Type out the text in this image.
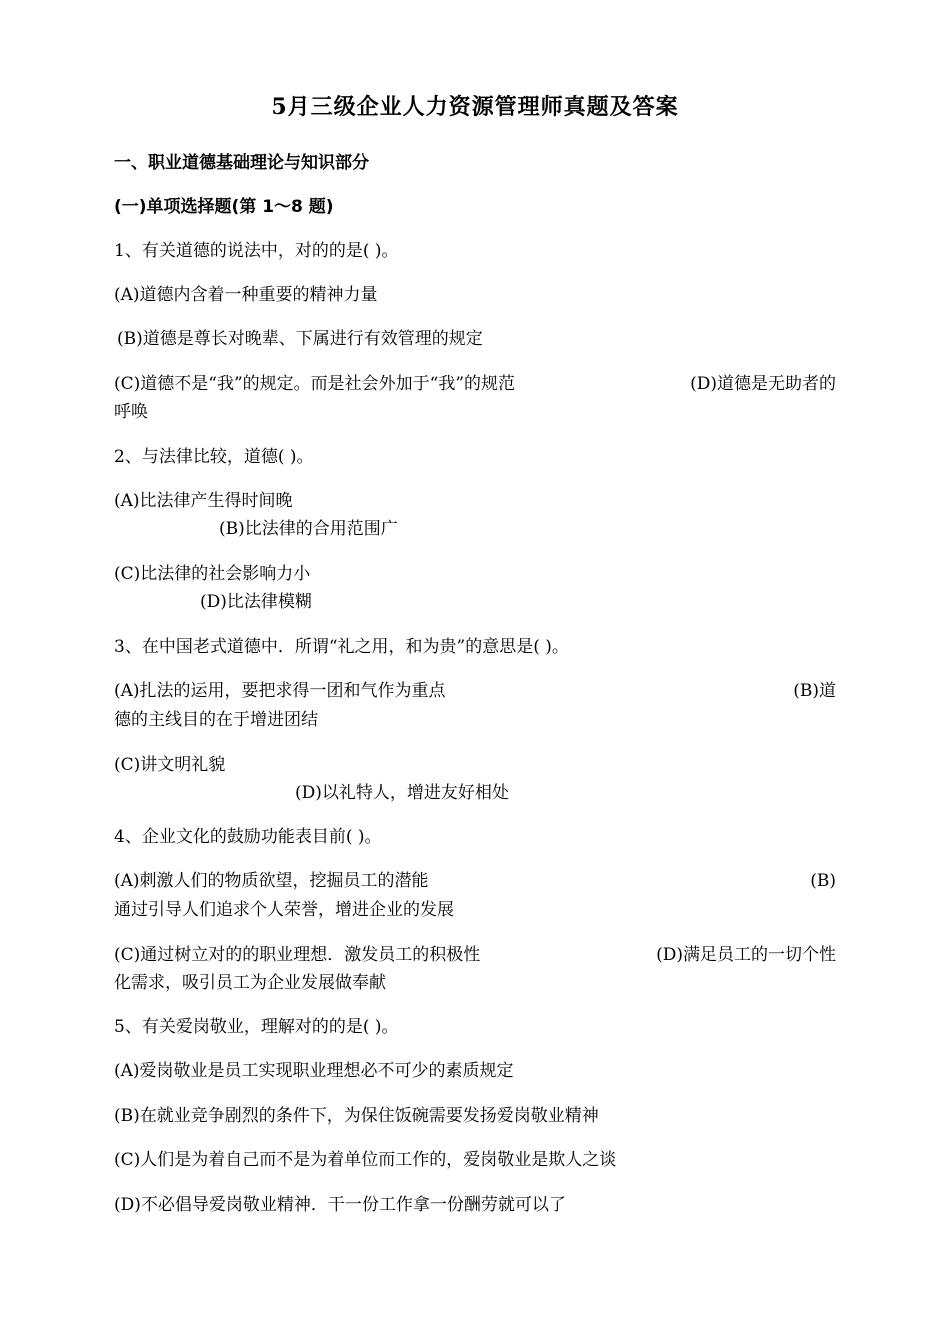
5月三级企业人力资源管理师真题及答案
一、职业道德基础理论与知识部分
(一)单项选择题(第 1～8 题)
1、有关道德的说法中，对的的是( )。
(A)道德内含着一种重要的精神力量
(B)道德是尊长对晚辈、下属进行有效管理的规定
(C)道德不是“我”的规定。而是社会外加于“我”的规范	(D)道德是无助者的
呼唤
2、与法律比较，道德( )。
(A)比法律产生得时间晚
(B)比法律的合用范围广
(C)比法律的社会影响力小
(D)比法律模糊
3、在中国老式道德中．所谓“礼之用，和为贵”的意思是( )。
(A)扎法的运用，要把求得一团和气作为重点	(B)道
德的主线目的在于增进团结
(C)讲文明礼貌
(D)以礼特人，增进友好相处
4、企业文化的鼓励功能表目前( )。
(A)刺激人们的物质欲望，挖掘员工的潜能	(B)
通过引导人们追求个人荣誉，增进企业的发展
(C)通过树立对的的职业理想．激发员工的积极性	(D)满足员工的一切个性
化需求，吸引员工为企业发展做奉献
5、有关爱岗敬业，理解对的的是( )。
(A)爱岗敬业是员工实现职业理想必不可少的素质规定
(B)在就业竞争剧烈的条件下，为保住饭碗需要发扬爱岗敬业精神
(C)人们是为着自己而不是为着单位而工作的，爱岗敬业是欺人之谈
(D)不必倡导爱岗敬业精神．干一份工作拿一份酬劳就可以了
